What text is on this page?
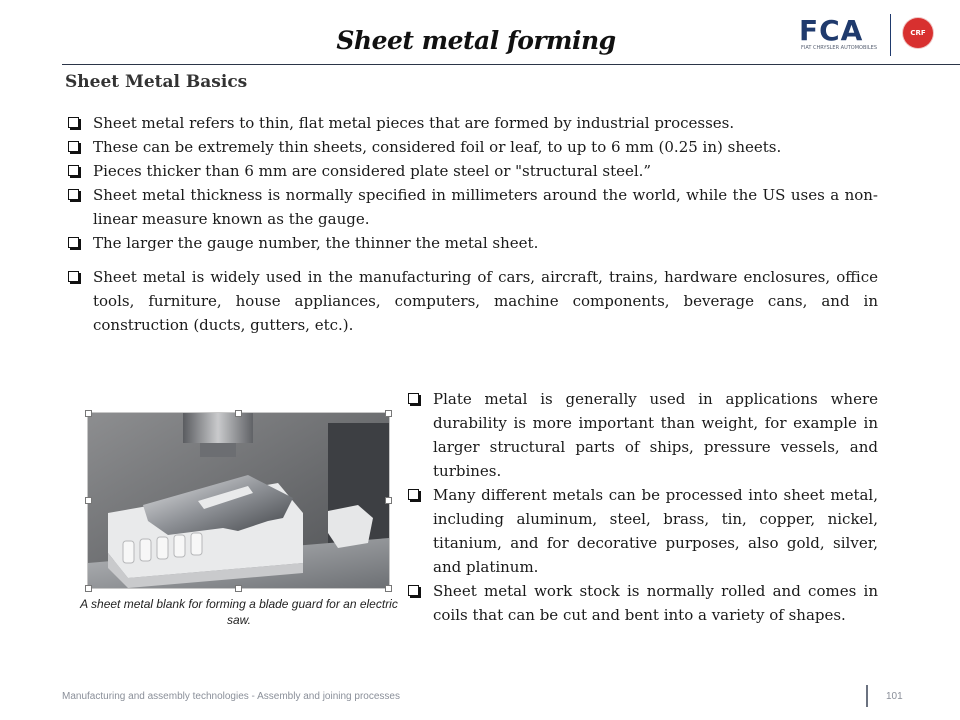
Sheet metal forming	FCA
FIAT CHRYSLER AUTOMOBILES
CRF
Sheet Metal Basics
Sheet metal refers to thin, flat metal pieces that are formed by industrial processes.
These can be extremely thin sheets, considered foil or leaf, to up to 6 mm (0.25 in) sheets.
Pieces thicker than 6 mm are considered plate steel or "structural steel.”
Sheet metal thickness is normally specified in millimeters around the world, while the US uses a non-linear measure known as the gauge.
The larger the gauge number, the thinner the metal sheet.
Sheet metal is widely used in the manufacturing of cars, aircraft, trains, hardware enclosures, office tools, furniture, house appliances, computers, machine components, beverage cans, and in construction (ducts, gutters, etc.).

A sheet metal blank for forming a blade guard for an electric saw.

Plate metal is generally used in applications where durability is more important than weight, for example in larger structural parts of ships, pressure vessels, and turbines.
Many different metals can be processed into sheet metal, including aluminum, steel, brass, tin, copper, nickel, titanium, and for decorative purposes, also gold, silver, and platinum.
Sheet metal work stock is normally rolled and comes in coils that can be cut and bent into a variety of shapes.
Manufacturing and assembly technologies - Assembly and joining processes	101
